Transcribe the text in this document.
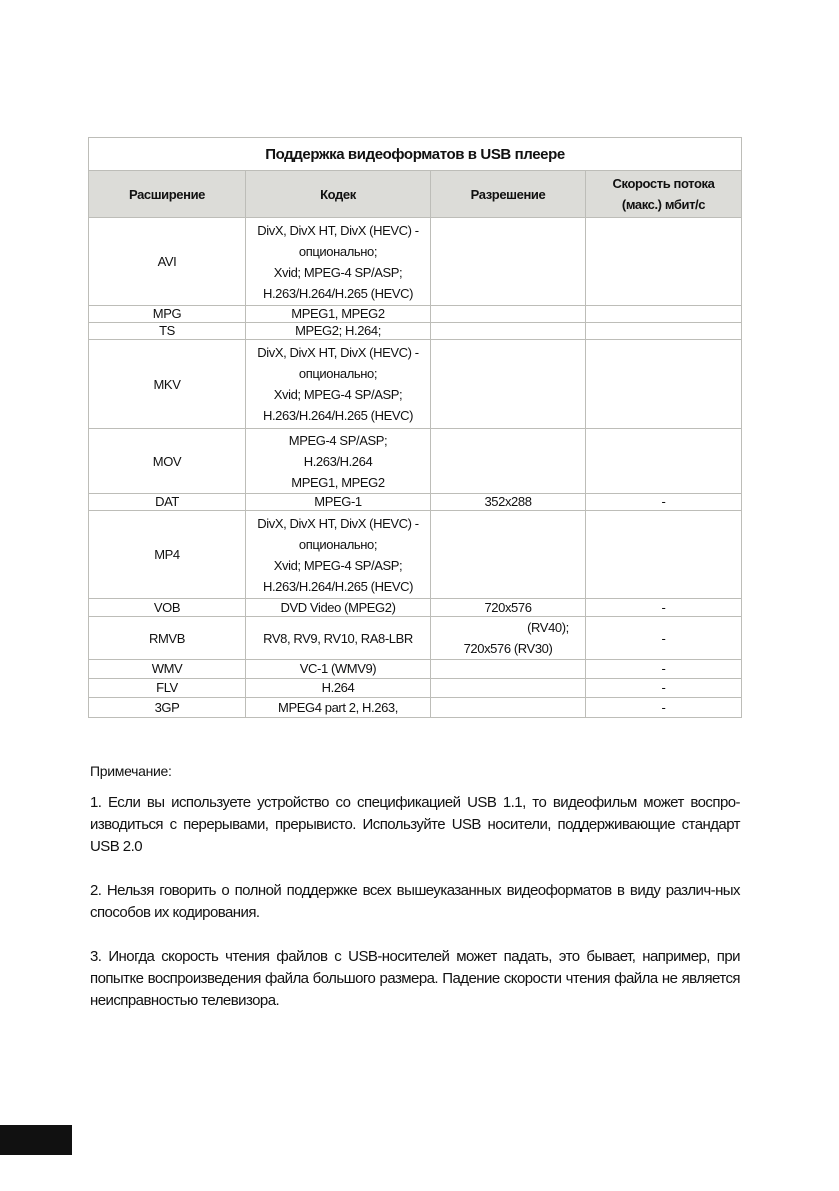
Поддержка видеоформатов в USB плеере			
Расширение	Кодек	Разрешение	Скорость потока (макс.) мбит/с
AVI	DivX, DivX HT, DivX (HEVC) -
опционально;
Xvid; MPEG-4 SP/ASP;
H.263/H.264/H.265 (HEVC)		

MPG	MPEG1, MPEG2		

TS	MPEG2; H.264;		

MKV	DivX, DivX HT, DivX (HEVC) -
опционально;
Xvid; MPEG-4 SP/ASP;
H.263/H.264/H.265 (HEVC)		

MOV	MPEG-4 SP/ASP;
H.263/H.264
MPEG1, MPEG2		

DAT	MPEG-1	352x288	-
MP4	DivX, DivX HT, DivX (HEVC) -
опционально;
Xvid; MPEG-4 SP/ASP;
H.263/H.264/H.265 (HEVC)		

VOB	DVD Video (MPEG2)	720x576	-
RMVB	RV8, RV9, RV10, RA8-LBR	(RV40);
720x576 (RV30)	-
WMV	VC-1 (WMV9)		-
FLV	H.264		-
3GP	MPEG4 part 2, H.263,		-
Примечание:
1. Если вы используете устройство со спецификацией USB 1.1, то видеофильм может воспро-изводиться с перерывами, прерывисто. Используйте USB носители, поддерживающие стандарт USB 2.0
2. Нельзя говорить о полной поддержке всех вышеуказанных видеоформатов в виду различ-ных способов их кодирования.
3. Иногда скорость чтения файлов с USB-носителей может падать, это бывает, например, при попытке воспроизведения файла большого размера. Падение скорости чтения файла не является неисправностью телевизора.
